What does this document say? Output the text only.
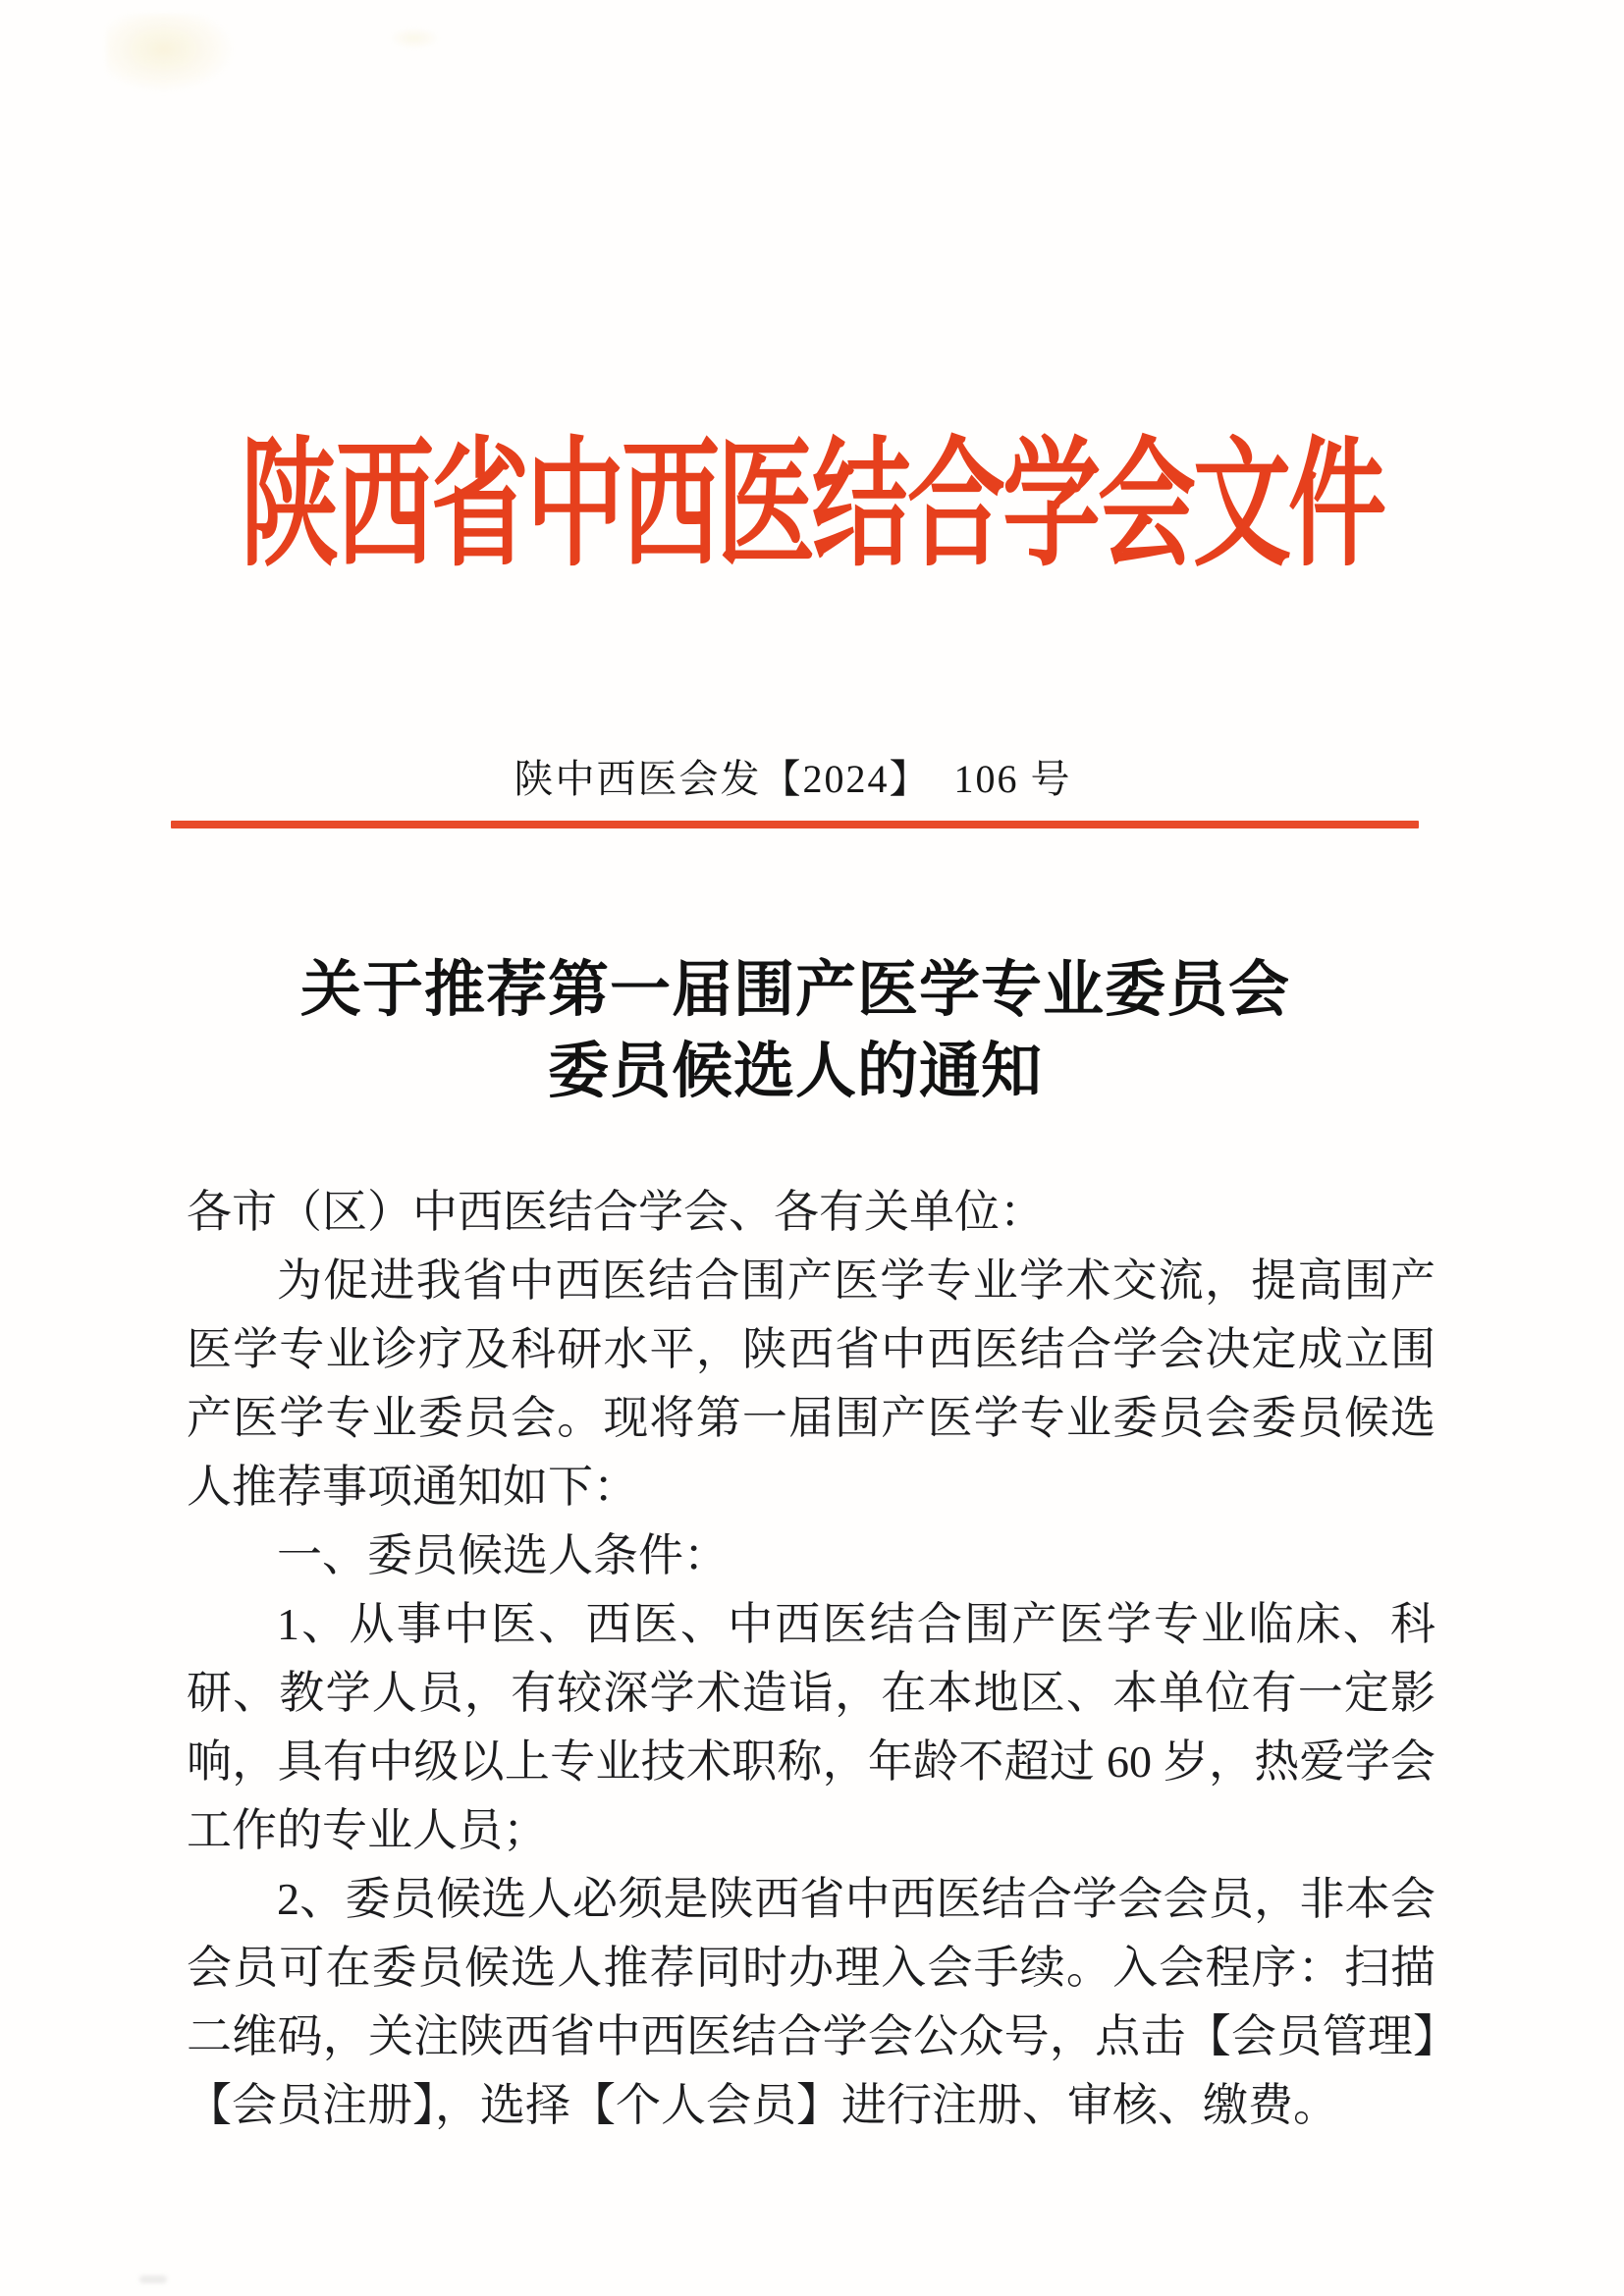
陕西省中西医结合学会文件
陕中西医会发【2024】  106 号
关于推荐第一届围产医学专业委员会
委员候选人的通知

各市（区）中西医结合学会、各有关单位：

为促进我省中西医结合围产医学专业学术交流，提高围产医学专业诊疗及科研水平，陕西省中西医结合学会决定成立围产医学专业委员会。现将第一届围产医学专业委员会委员候选人推荐事项通知如下：

一、委员候选人条件：

1、从事中医、西医、中西医结合围产医学专业临床、科研、教学人员，有较深学术造诣，在本地区、本单位有一定影响，具有中级以上专业技术职称，年龄不超过 60 岁，热爱学会工作的专业人员；

2、委员候选人必须是陕西省中西医结合学会会员，非本会会员可在委员候选人推荐同时办理入会手续。入会程序：扫描二维码，关注陕西省中西医结合学会公众号，点击【会员管理】【会员注册】，选择【个人会员】进行注册、审核、缴费。
